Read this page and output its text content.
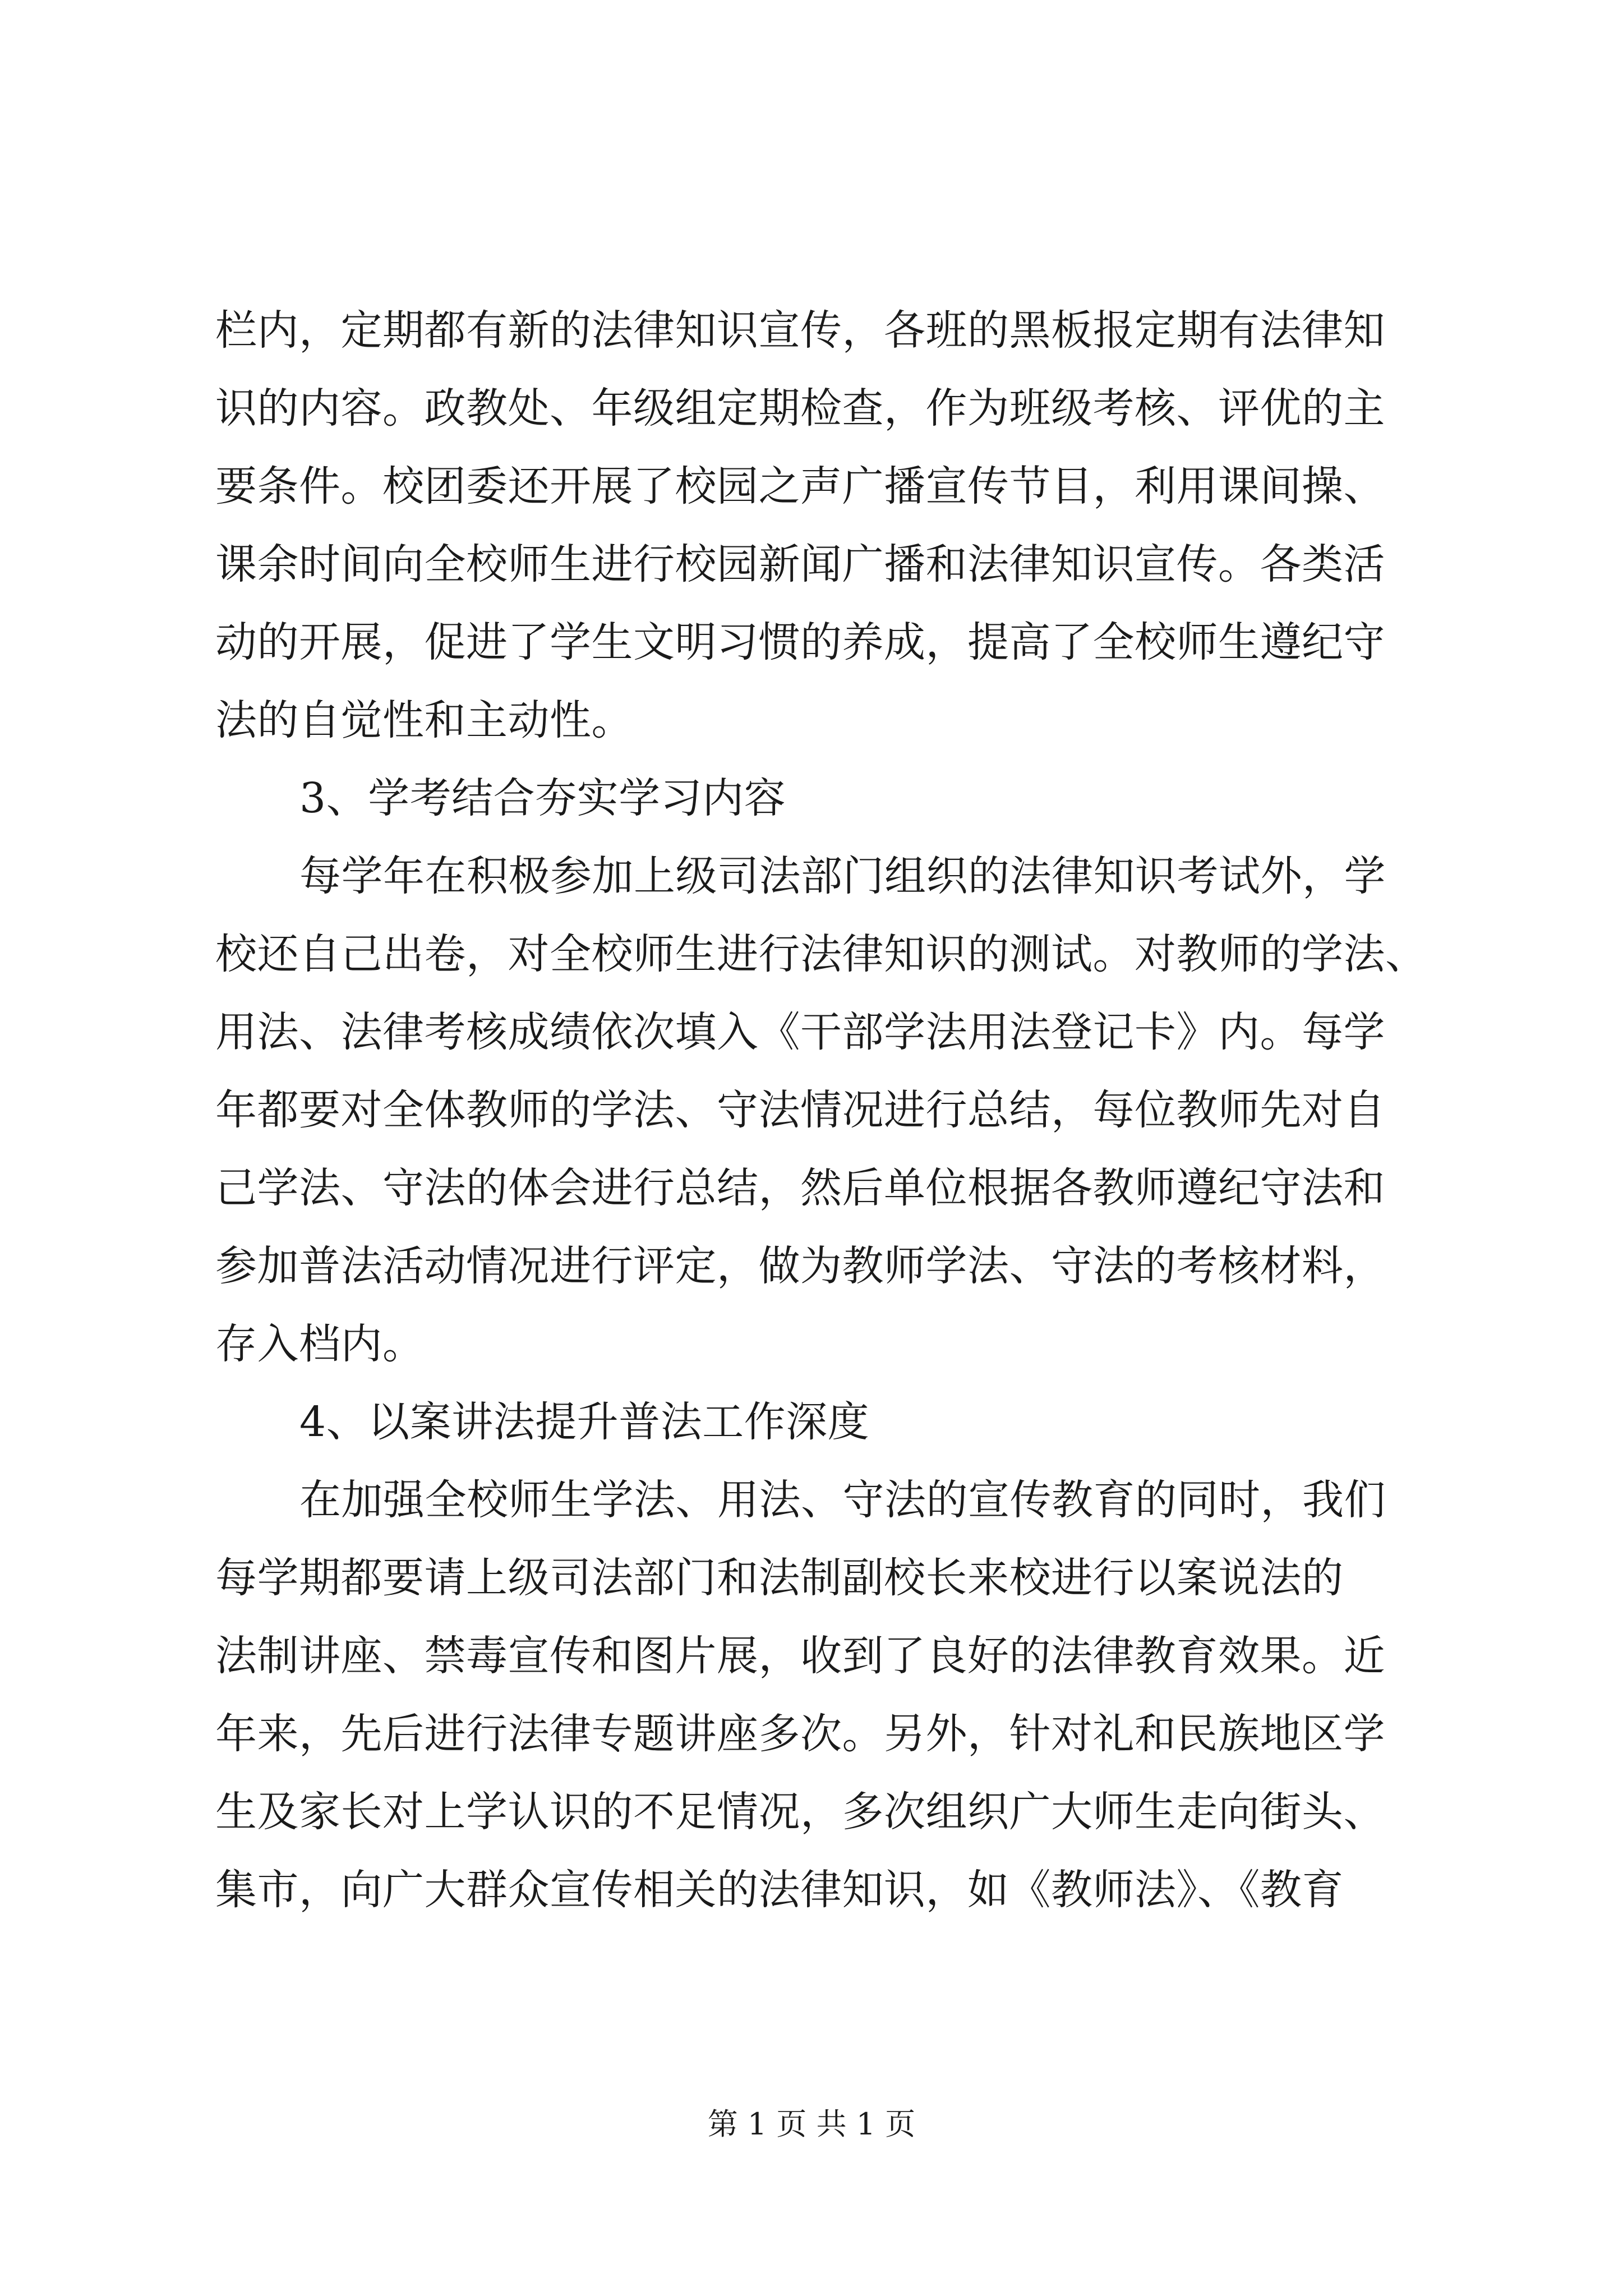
栏内，定期都有新的法律知识宣传，各班的黑板报定期有法律知
识的内容。政教处、年级组定期检查，作为班级考核、评优的主
要条件。校团委还开展了校园之声广播宣传节目，利用课间操、
课余时间向全校师生进行校园新闻广播和法律知识宣传。各类活
动的开展，促进了学生文明习惯的养成，提高了全校师生遵纪守
法的自觉性和主动性。
3、学考结合夯实学习内容
每学年在积极参加上级司法部门组织的法律知识考试外，学
校还自己出卷，对全校师生进行法律知识的测试。对教师的学法、
用法、法律考核成绩依次填入《干部学法用法登记卡》内。每学
年都要对全体教师的学法、守法情况进行总结，每位教师先对自
己学法、守法的体会进行总结，然后单位根据各教师遵纪守法和
参加普法活动情况进行评定，做为教师学法、守法的考核材料，
存入档内。
4、以案讲法提升普法工作深度
在加强全校师生学法、用法、守法的宣传教育的同时，我们
每学期都要请上级司法部门和法制副校长来校进行以案说法的
法制讲座、禁毒宣传和图片展，收到了良好的法律教育效果。近
年来，先后进行法律专题讲座多次。另外，针对礼和民族地区学
生及家长对上学认识的不足情况，多次组织广大师生走向街头、
集市，向广大群众宣传相关的法律知识，如《教师法》、《教育
第 1 页 共 1 页
